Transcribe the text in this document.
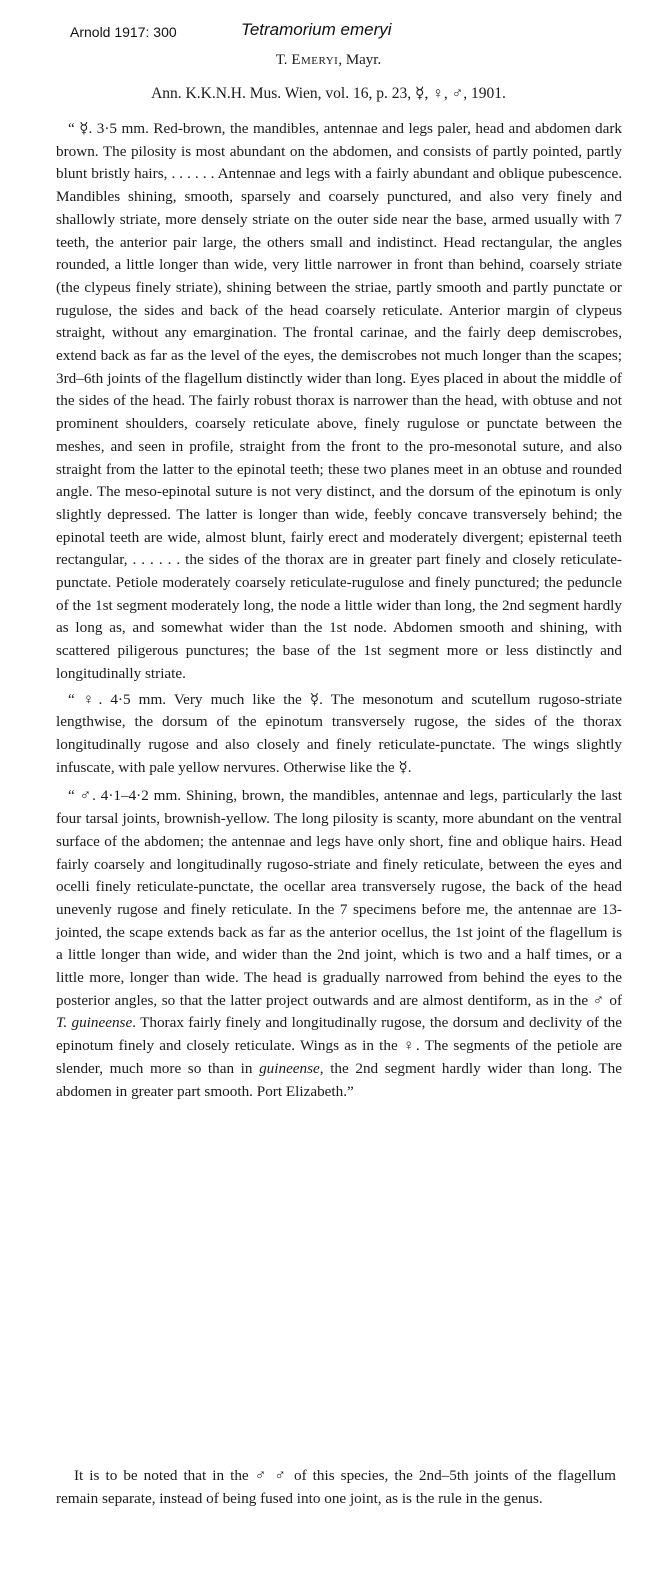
Arnold 1917: 300	Tetramorium emeryi
T. Emeryi, Mayr.
Ann. K.K.N.H. Mus. Wien, vol. 16, p. 23, ☿, ♀, ♂, 1901.

“ ☿. 3·5 mm. Red-brown, the mandibles, antennae and legs paler, head and abdomen dark brown. The pilosity is most abundant on the abdomen, and consists of partly pointed, partly blunt bristly hairs, . . . . . . Antennae and legs with a fairly abundant and oblique pubescence. Mandibles shining, smooth, sparsely and coarsely punctured, and also very finely and shallowly striate, more densely striate on the outer side near the base, armed usually with 7 teeth, the anterior pair large, the others small and indistinct. Head rectangular, the angles rounded, a little longer than wide, very little narrower in front than behind, coarsely striate (the clypeus finely striate), shining between the striae, partly smooth and partly punctate or rugulose, the sides and back of the head coarsely reticulate. Anterior margin of clypeus straight, without any emargination. The frontal carinae, and the fairly deep demiscrobes, extend back as far as the level of the eyes, the demiscrobes not much longer than the scapes; 3rd–6th joints of the flagellum distinctly wider than long. Eyes placed in about the middle of the sides of the head. The fairly robust thorax is narrower than the head, with obtuse and not prominent shoulders, coarsely reticulate above, finely rugulose or punctate between the meshes, and seen in profile, straight from the front to the pro-mesonotal suture, and also straight from the latter to the epinotal teeth; these two planes meet in an obtuse and rounded angle. The meso-epinotal suture is not very distinct, and the dorsum of the epinotum is only slightly depressed. The latter is longer than wide, feebly concave transversely behind; the epinotal teeth are wide, almost blunt, fairly erect and moderately divergent; episternal teeth rectangular, . . . . . . the sides of the thorax are in greater part finely and closely reticulate-punctate. Petiole moderately coarsely reticulate-rugulose and finely punctured; the peduncle of the 1st segment moderately long, the node a little wider than long, the 2nd segment hardly as long as, and somewhat wider than the 1st node. Abdomen smooth and shining, with scattered piligerous punctures; the base of the 1st segment more or less distinctly and longitudinally striate.

“ ♀. 4·5 mm. Very much like the ☿. The mesonotum and scutellum rugoso-striate lengthwise, the dorsum of the epinotum transversely rugose, the sides of the thorax longitudinally rugose and also closely and finely reticulate-punctate. The wings slightly infuscate, with pale yellow nervures. Otherwise like the ☿.

“ ♂. 4·1–4·2 mm. Shining, brown, the mandibles, antennae and legs, particularly the last four tarsal joints, brownish-yellow. The long pilosity is scanty, more abundant on the ventral surface of the abdomen; the antennae and legs have only short, fine and oblique hairs. Head fairly coarsely and longitudinally rugoso-striate and finely reticulate, between the eyes and ocelli finely reticulate-punctate, the ocellar area transversely rugose, the back of the head unevenly rugose and finely reticulate. In the 7 specimens before me, the antennae are 13-jointed, the scape extends back as far as the anterior ocellus, the 1st joint of the flagellum is a little longer than wide, and wider than the 2nd joint, which is two and a half times, or a little more, longer than wide. The head is gradually narrowed from behind the eyes to the posterior angles, so that the latter project outwards and are almost dentiform, as in the ♂ of T. guineense. Thorax fairly finely and longitudinally rugose, the dorsum and declivity of the epinotum finely and closely reticulate. Wings as in the ♀. The segments of the petiole are slender, much more so than in guineense, the 2nd segment hardly wider than long. The abdomen in greater part smooth. Port Elizabeth.”

It is to be noted that in the ♂ ♂ of this species, the 2nd–5th joints of the flagellum remain separate, instead of being fused into one joint, as is the rule in the genus.
